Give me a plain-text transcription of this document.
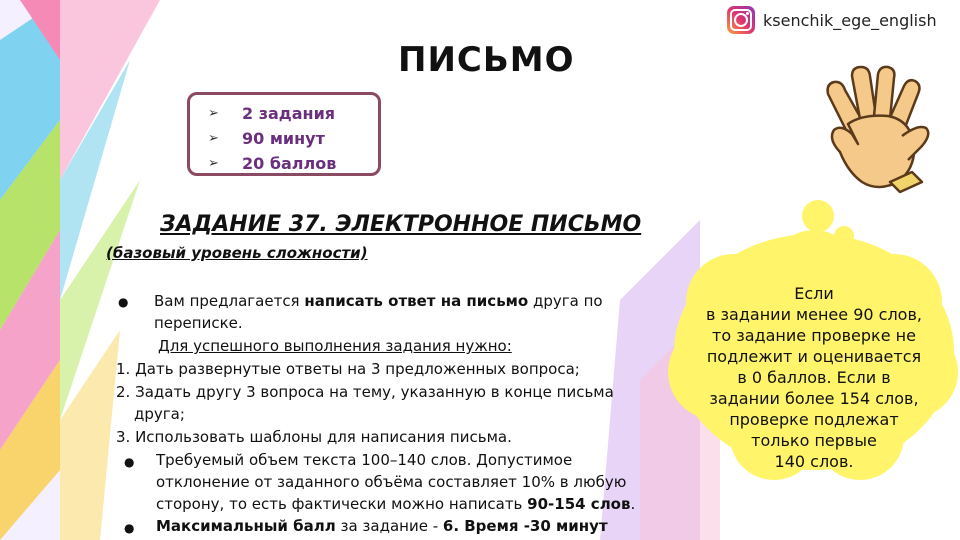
ksenchik_ege_english
ПИСЬМО
➢	2 задания
➢	90 минут
➢	20 баллов
ЗАДАНИЕ 37. ЭЛЕКТРОННОЕ ПИСЬМО
(базовый уровень сложности)
● Вам предлагается написать ответ на письмо друга по
переписке.
Для успешного выполнения задания нужно:
1. Дать развернутые ответы на 3 предложенных вопроса;
2. Задать другу 3 вопроса на тему, указанную в конце письма
друга;
3. Использовать шаблоны для написания письма.
● Требуемый объем текста 100–140 слов. Допустимое
отклонение от заданного объёма составляет 10% в любую
сторону, то есть фактически можно написать 90-154 слов.
● Максимальный балл за задание - 6. Время -30 минут
Если
в задании менее 90 слов,
то задание проверке не
подлежит и оценивается
в 0 баллов. Если в
задании более 154 слов,
проверке подлежат
только первые
140 слов.
